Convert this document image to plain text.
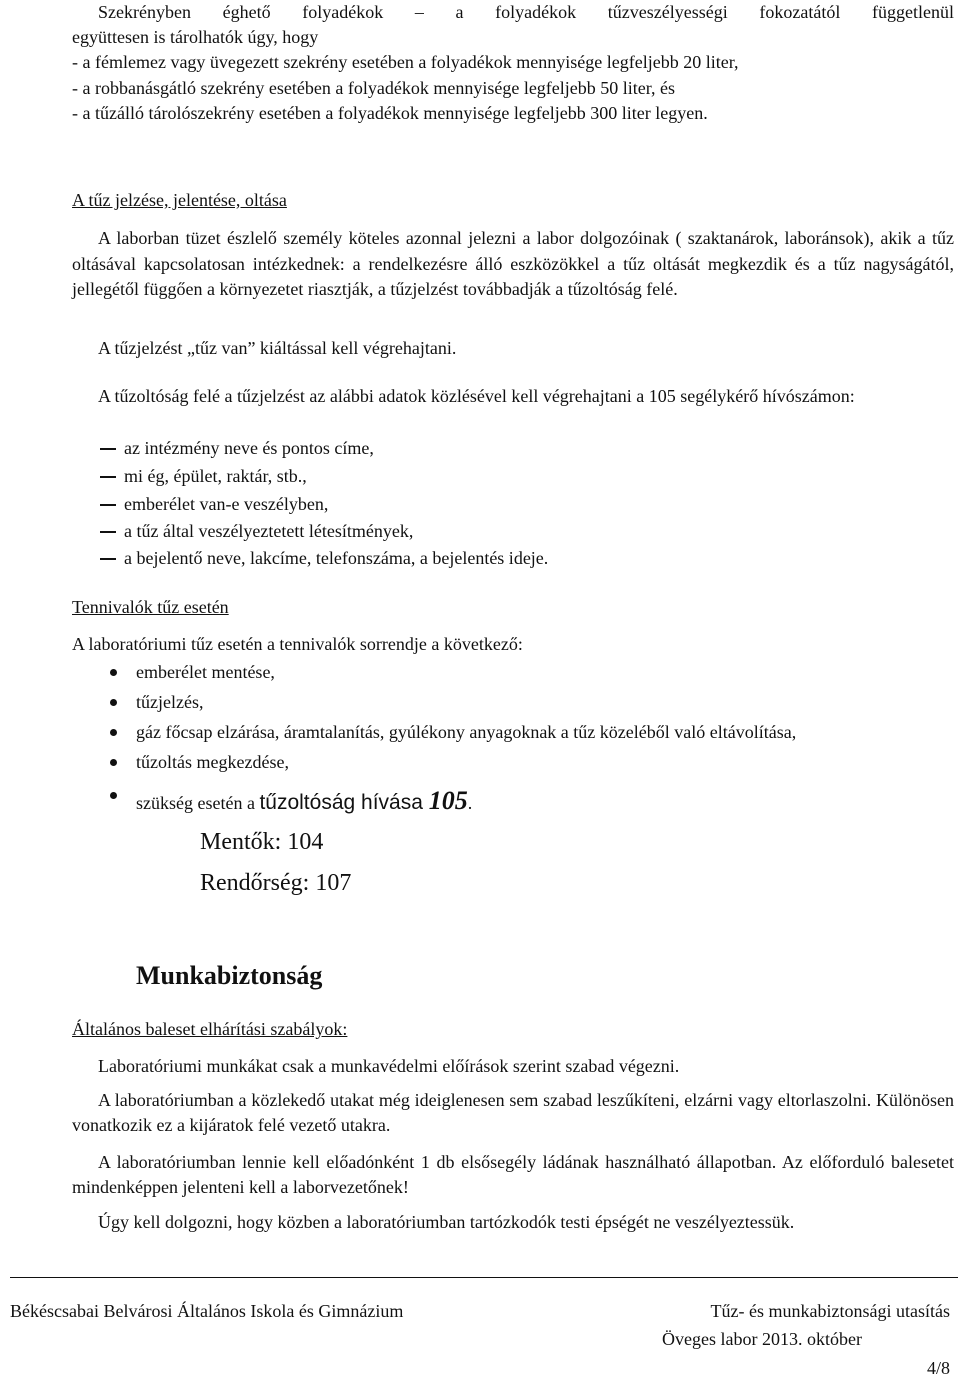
Szekrényben éghető folyadékok – a folyadékok tűzveszélyességi fokozatától függetlenül
együttesen is tárolhatók úgy, hogy
- a fémlemez vagy üvegezett szekrény esetében a folyadékok mennyisége legfeljebb 20 liter,
- a robbanásgátló szekrény esetében a folyadékok mennyisége legfeljebb 50 liter, és
- a tűzálló tárolószekrény esetében a folyadékok mennyisége legfeljebb 300 liter legyen.
A tűz jelzése, jelentése, oltása
A laborban tüzet észlelő személy köteles azonnal jelezni a labor dolgozóinak ( szaktanárok, laboránsok), akik a tűz oltásával kapcsolatosan intézkednek: a rendelkezésre álló eszközökkel a tűz oltását megkezdik és a tűz nagyságától, jellegétől függően a környezetet riasztják, a tűzjelzést továbbadják a tűzoltóság felé.
A tűzjelzést „tűz van” kiáltással kell végrehajtani.
A tűzoltóság felé a tűzjelzést az alábbi adatok közlésével kell végrehajtani a 105 segélykérő hívószámon:
az intézmény neve és pontos címe,
mi ég, épület, raktár, stb.,
emberélet van-e veszélyben,
a tűz által veszélyeztetett létesítmények,
a bejelentő neve, lakcíme, telefonszáma, a bejelentés ideje.
Tennivalók tűz esetén
A laboratóriumi tűz esetén a tennivalók sorrendje a következő:
emberélet mentése,
tűzjelzés,
gáz főcsap elzárása, áramtalanítás, gyúlékony anyagoknak a tűz közeléből való eltávolítása,
tűzoltás megkezdése,
szükség esetén a tűzoltóság hívása 105.
Mentők: 104
Rendőrség: 107
Munkabiztonság
Általános baleset elhárítási szabályok:
Laboratóriumi munkákat csak a munkavédelmi előírások szerint szabad végezni.
A laboratóriumban a közlekedő utakat még ideiglenesen sem szabad leszűkíteni, elzárni vagy eltorlaszolni. Különösen vonatkozik ez a kijáratok felé vezető utakra.
A laboratóriumban lennie kell előadónként 1 db elsősegély ládának használható állapotban. Az előforduló balesetet mindenképpen jelenteni kell a laborvezetőnek!
Úgy kell dolgozni, hogy közben a laboratóriumban tartózkodók testi épségét ne veszélyeztessük.
Békéscsabai Belvárosi Általános Iskola és Gimnázium	Tűz- és munkabiztonsági utasítás
Öveges labor 2013. október
4/8
